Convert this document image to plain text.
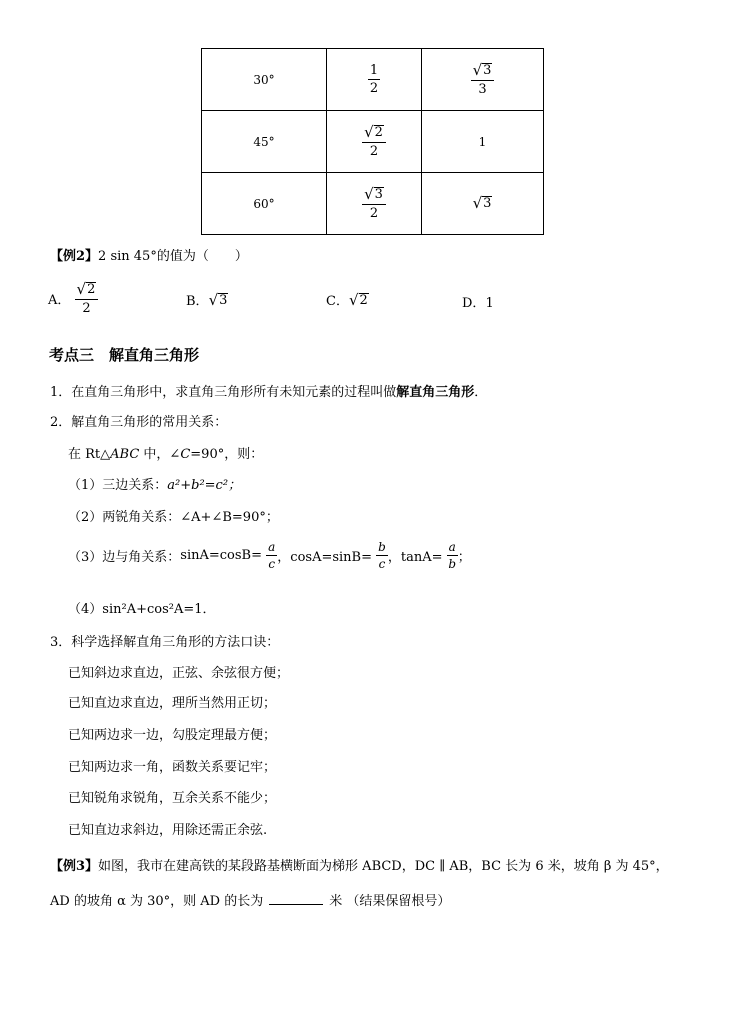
30°	$\frac{1}{2}$	$\frac{√ 3}{3}$

45°	$\frac{√ 2}{2}$	1
60°	$\frac{√ 3}{2}$	√ 3
【例2】2 sin 45°的值为（　　）
A． $\frac{√ 2}{2}$	B． √ 3	C． √ 2	D．1
考点三　解直角三角形
1．在直角三角形中，求直角三角形所有未知元素的过程叫做解直角三角形．
2．解直角三角形的常用关系：
在 Rt△ABC 中，∠C=90°，则：
（1）三边关系：a²+b²=c²；
（2）两锐角关系：∠A+∠B=90°；
（3）边与角关系：$\sin A=\cos B= \frac{a}{c}$ ，$\cos A=\sin B= \frac{b}{c}$ ，$\tan A= \frac{a}{b}$ ；
（4）sin²A+cos²A=1．
3．科学选择解直角三角形的方法口诀：
已知斜边求直边，正弦、余弦很方便；
已知直边求直边，理所当然用正切；
已知两边求一边，勾股定理最方便；
已知两边求一角，函数关系要记牢；
已知锐角求锐角，互余关系不能少；
已知直边求斜边，用除还需正余弦.
【例3】如图，我市在建高铁的某段路基横断面为梯形 ABCD，DC ∥ AB，BC 长为 6 米，坡角 β 为 45°，
AD 的坡角 α 为 30°，则 AD 的长为	米 （结果保留根号）
